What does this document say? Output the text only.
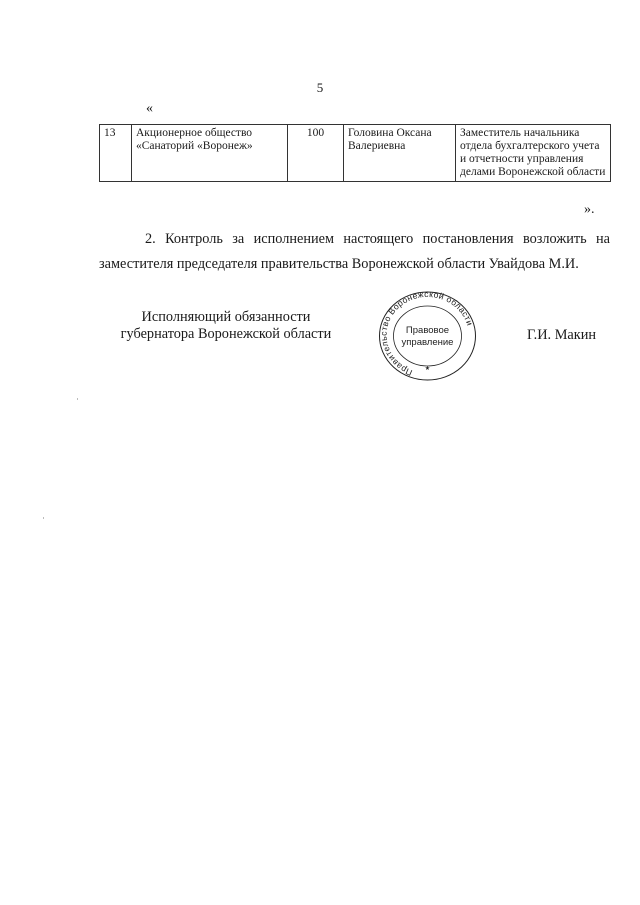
5
«
13	Акционерное общество «Санаторий «Воронеж»	100	Головина Оксана Валериевна	Заместитель начальника отдела бухгалтерского учета и отчетности управления делами Воронежской области
».
2. Контроль за исполнением настоящего постановления возложить на заместителя председателя правительства Воронежской области Увайдова М.И.
Исполняющий обязанности
губернатора Воронежской области
Правительство Воронежской области
Правовое
управление
★
Г.И. Макин
